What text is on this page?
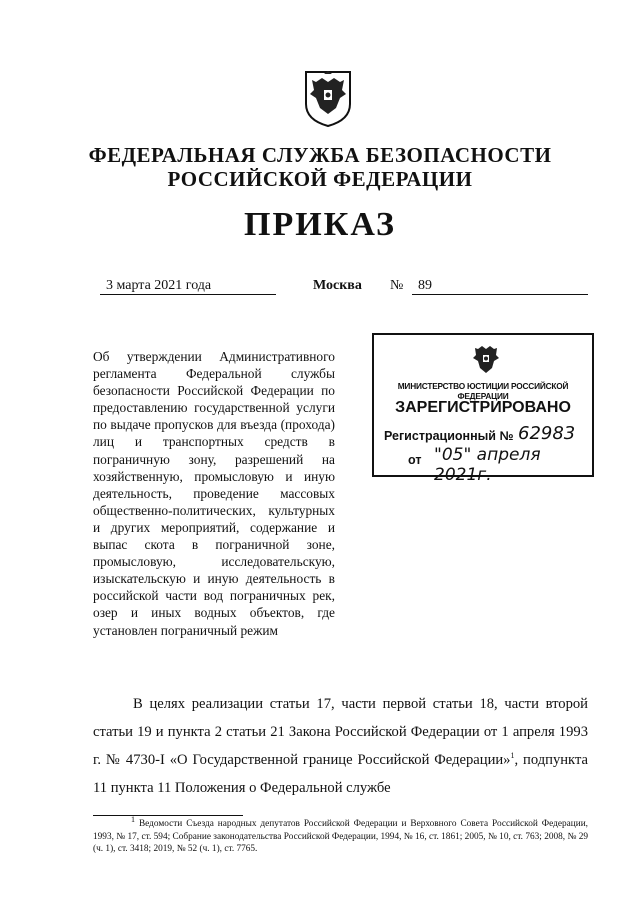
ФЕДЕРАЛЬНАЯ СЛУЖБА БЕЗОПАСНОСТИ
РОССИЙСКОЙ ФЕДЕРАЦИИ
ПРИКАЗ
3 марта 2021 года	Москва №	89
Об утверждении Административного регламента Федеральной службы безопасности Российской Федерации по предоставлению государственной услуги по выдаче пропусков для въезда (прохода) лиц и транспортных средств в пограничную зону, разрешений на хозяйственную, промысловую и иную деятельность, проведение массовых общественно-политических, культурных и других мероприятий, содержание и выпас скота в пограничной зоне, промысловую, исследовательскую, изыскательскую и иную деятельность в российской части вод пограничных рек, озер и иных водных объектов, где установлен пограничный режим
МИНИСТЕРСТВО ЮСТИЦИИ РОССИЙСКОЙ ФЕДЕРАЦИИ
ЗАРЕГИСТРИРОВАНО
Регистрационный № 62983
от "05" апреля 2021г.
В целях реализации статьи 17, части первой статьи 18, части второй статьи 19 и пункта 2 статьи 21 Закона Российской Федерации от 1 апреля 1993 г. № 4730-I «О Государственной границе Российской Федерации»$^1$, подпункта 11 пункта 11 Положения о Федеральной службе
$^1$ Ведомости Съезда народных депутатов Российской Федерации и Верховного Совета Российской Федерации, 1993, № 17, ст. 594; Собрание законодательства Российской Федерации, 1994, № 16, ст. 1861; 2005, № 10, ст. 763; 2008, № 29 (ч. 1), ст. 3418; 2019, № 52 (ч. 1), ст. 7765.
